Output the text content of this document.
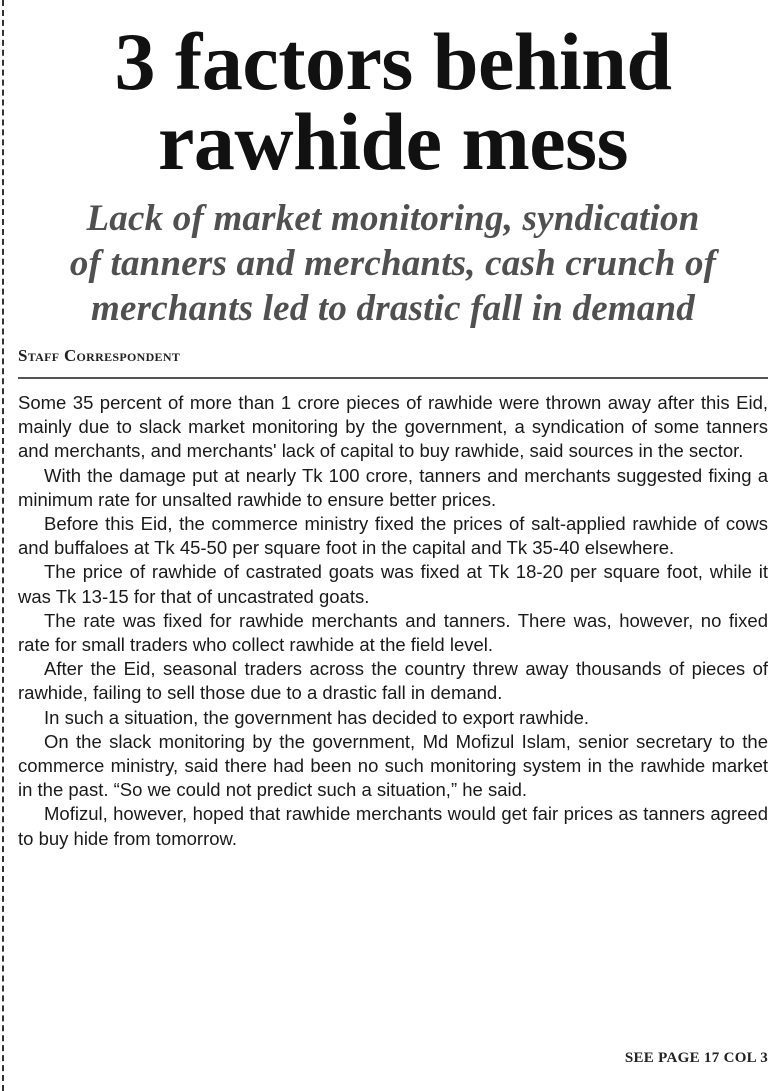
3 factors behind
rawhide mess
Lack of market monitoring, syndication
of tanners and merchants, cash crunch of
merchants led to drastic fall in demand
Staff Correspondent

Some 35 percent of more than 1 crore pieces of rawhide were thrown away after this Eid, mainly due to slack market monitoring by the government, a syndication of some tanners and merchants, and merchants' lack of capital to buy rawhide, said sources in the sector.

With the damage put at nearly Tk 100 crore, tanners and merchants suggested fixing a minimum rate for unsalted rawhide to ensure better prices.

Before this Eid, the commerce ministry fixed the prices of salt-applied rawhide of cows and buffaloes at Tk 45-50 per square foot in the capital and Tk 35-40 elsewhere.

The price of rawhide of castrated goats was fixed at Tk 18-20 per square foot, while it was Tk 13-15 for that of uncastrated goats.

The rate was fixed for rawhide merchants and tanners. There was, however, no fixed rate for small traders who collect rawhide at the field level.

After the Eid, seasonal traders across the country threw away thousands of pieces of rawhide, failing to sell those due to a drastic fall in demand.

In such a situation, the government has decided to export rawhide.

On the slack monitoring by the government, Md Mofizul Islam, senior secretary to the commerce ministry, said there had been no such monitoring system in the rawhide market in the past. “So we could not predict such a situation,” he said.

Mofizul, however, hoped that rawhide merchants would get fair prices as tanners agreed to buy hide from tomorrow.

SEE PAGE 17 COL 3
